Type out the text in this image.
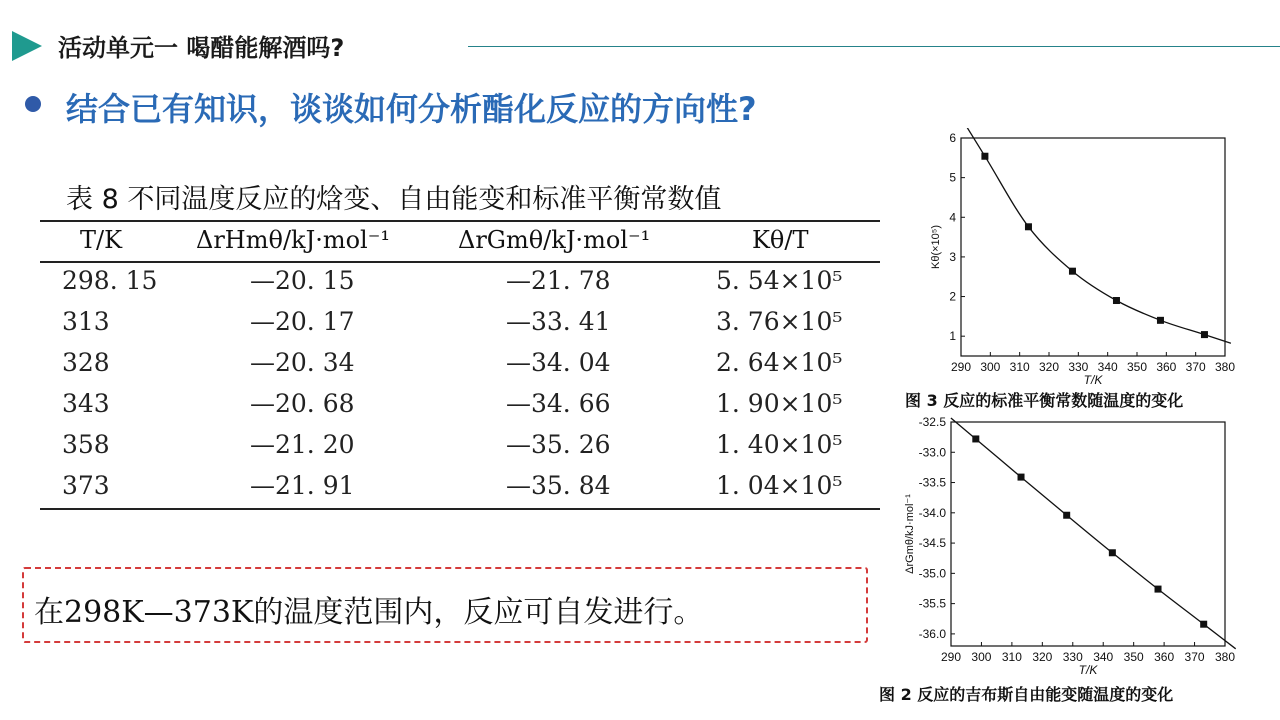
活动单元一 喝醋能解酒吗?
结合已有知识，谈谈如何分析酯化反应的方向性?
表 8 不同温度反应的焓变、自由能变和标准平衡常数值
T/K	ΔrHmθ/kJ·mol⁻¹	ΔrGmθ/kJ·mol⁻¹	Kθ/T
298. 15	—20. 15	—21. 78	5. 54×10⁵
313	—20. 17	—33. 41	3. 76×10⁵
328	—20. 34	—34. 04	2. 64×10⁵
343	—20. 68	—34. 66	1. 90×10⁵
358	—21. 20	—35. 26	1. 40×10⁵
373	—21. 91	—35. 84	1. 04×10⁵
在298K—373K的温度范围内，反应可自发进行。
290 300 310 320 330 340 350 360 370 380
1
2
3
4
5
6
T/K
Kθ(×10⁵)
图 3 反应的标准平衡常数随温度的变化
290 300 310 320 330 340 350 360 370 380
-32.5
-33.0
-33.5
-34.0
-34.5
-35.0
-35.5
-36.0
T/K
ΔrGmθ/kJ·mol⁻¹
图 2 反应的吉布斯自由能变随温度的变化
